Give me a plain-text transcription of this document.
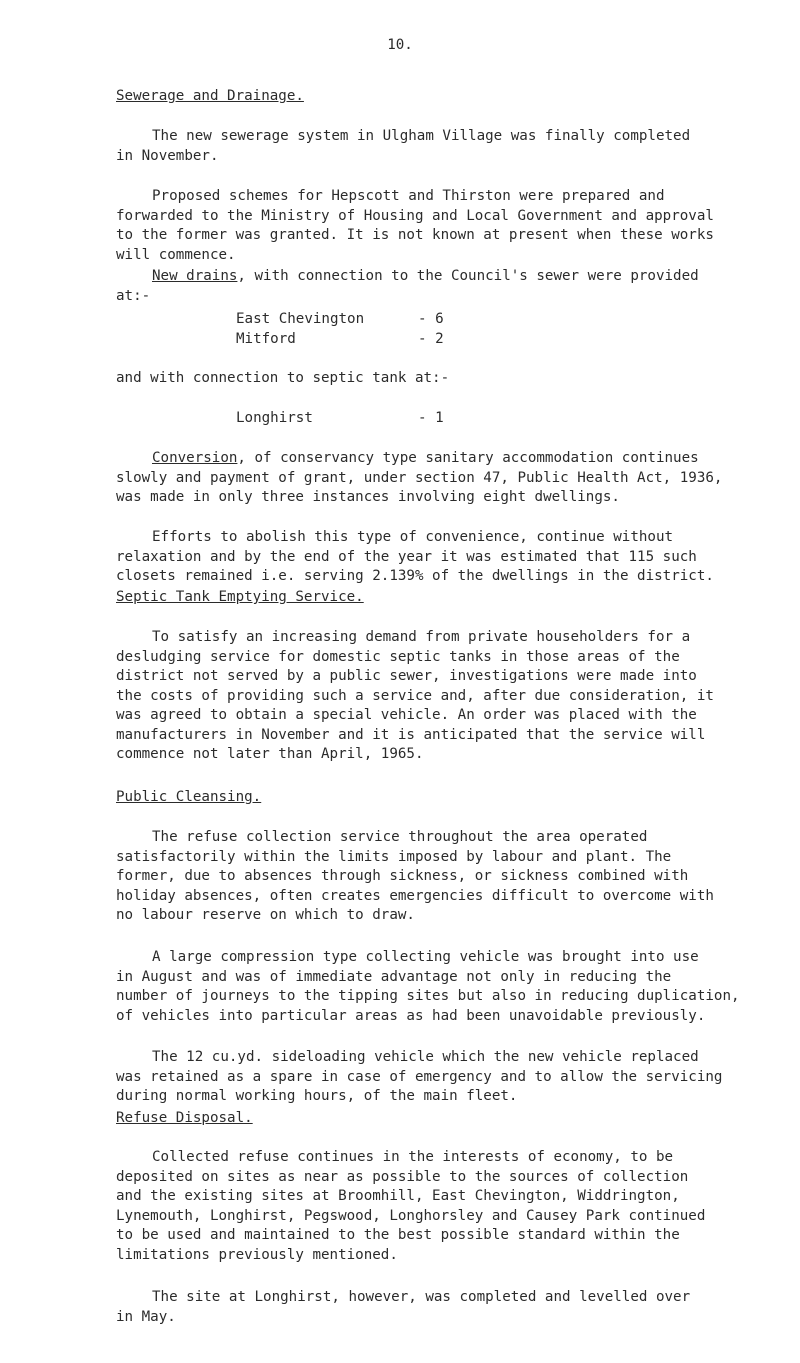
10.
Sewerage and Drainage.

The new sewerage system in Ulgham Village was finally completed
in November.

Proposed schemes for Hepscott and Thirston were prepared and
forwarded to the Ministry of Housing and Local Government and approval
to the former was granted. It is not known at present when these works
will commence.

New drains, with connection to the Council's sewer were provided
at:-

East Chevington	- 6
Mitford	- 2

and with connection to septic tank at:-

Longhirst	- 1

Conversion, of conservancy type sanitary accommodation continues
slowly and payment of grant, under section 47, Public Health Act, 1936,
was made in only three instances involving eight dwellings.

Efforts to abolish this type of convenience, continue without
relaxation and by the end of the year it was estimated that 115 such
closets remained i.e. serving 2.139% of the dwellings in the district.

Septic Tank Emptying Service.

To satisfy an increasing demand from private householders for a
desludging service for domestic septic tanks in those areas of the
district not served by a public sewer, investigations were made into
the costs of providing such a service and, after due consideration, it
was agreed to obtain a special vehicle. An order was placed with the
manufacturers in November and it is anticipated that the service will
commence not later than April, 1965.

Public Cleansing.

The refuse collection service throughout the area operated
satisfactorily within the limits imposed by labour and plant. The
former, due to absences through sickness, or sickness combined with
holiday absences, often creates emergencies difficult to overcome with
no labour reserve on which to draw.

A large compression type collecting vehicle was brought into use
in August and was of immediate advantage not only in reducing the
number of journeys to the tipping sites but also in reducing duplication,
of vehicles into particular areas as had been unavoidable previously.

The 12 cu.yd. sideloading vehicle which the new vehicle replaced
was retained as a spare in case of emergency and to allow the servicing
during normal working hours, of the main fleet.

Refuse Disposal.

Collected refuse continues in the interests of economy, to be
deposited on sites as near as possible to the sources of collection
and the existing sites at Broomhill, East Chevington, Widdrington,
Lynemouth, Longhirst, Pegswood, Longhorsley and Causey Park continued
to be used and maintained to the best possible standard within the
limitations previously mentioned.

The site at Longhirst, however, was completed and levelled over
in May.
